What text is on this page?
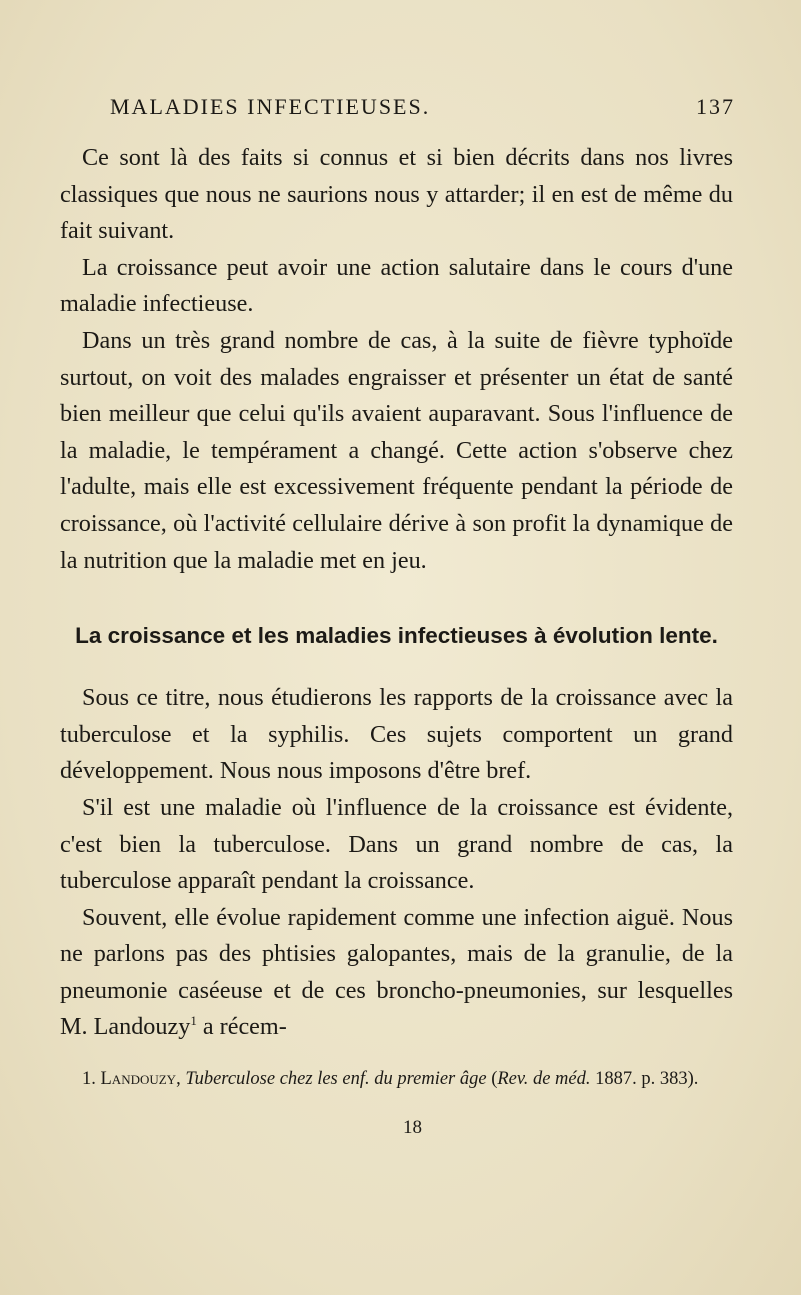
MALADIES INFECTIEUSES.	137

Ce sont là des faits si connus et si bien décrits dans nos livres classiques que nous ne saurions nous y attarder; il en est de même du fait suivant.

La croissance peut avoir une action salutaire dans le cours d'une maladie infectieuse.

Dans un très grand nombre de cas, à la suite de fièvre typhoïde surtout, on voit des malades engraisser et présenter un état de santé bien meilleur que celui qu'ils avaient auparavant. Sous l'influence de la maladie, le tempérament a changé. Cette action s'observe chez l'adulte, mais elle est excessivement fréquente pendant la période de croissance, où l'activité cellulaire dérive à son profit la dynamique de la nutrition que la maladie met en jeu.

La croissance et les maladies infectieuses à évolution lente.

Sous ce titre, nous étudierons les rapports de la croissance avec la tuberculose et la syphilis. Ces sujets comportent un grand développement. Nous nous imposons d'être bref.

S'il est une maladie où l'influence de la croissance est évidente, c'est bien la tuberculose. Dans un grand nombre de cas, la tuberculose apparaît pendant la croissance.

Souvent, elle évolue rapidement comme une infection aiguë. Nous ne parlons pas des phtisies galopantes, mais de la granulie, de la pneumonie caséeuse et de ces broncho-pneumonies, sur lesquelles M. Landouzy$^1$ a récem-

1. Landouzy, Tuberculose chez les enf. du premier âge (Rev. de méd. 1887. p. 383).
18
